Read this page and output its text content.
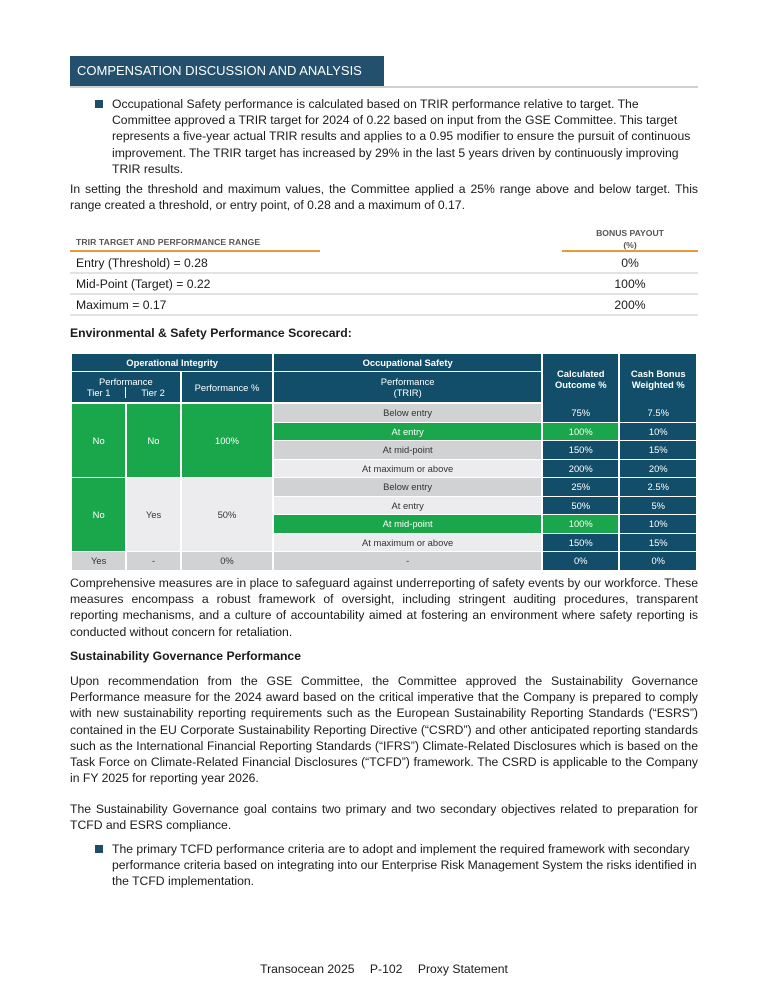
COMPENSATION DISCUSSION AND ANALYSIS
Occupational Safety performance is calculated based on TRIR performance relative to target. The Committee approved a TRIR target for 2024 of 0.22 based on input from the GSE Committee. This target represents a five-year actual TRIR results and applies to a 0.95 modifier to ensure the pursuit of continuous improvement. The TRIR target has increased by 29% in the last 5 years driven by continuously improving TRIR results.
In setting the threshold and maximum values, the Committee applied a 25% range above and below target. This range created a threshold, or entry point, of 0.28 and a maximum of 0.17.
TRIR TARGET AND PERFORMANCE RANGE
BONUS PAYOUT
(%)
Entry (Threshold) = 0.28	0%
Mid-Point (Target) = 0.22	100%
Maximum = 0.17	200%
Environmental & Safety Performance Scorecard:
Operational Integrity			Occupational Safety	Calculated Outcome %	Cash Bonus Weighted %

Performance
Tier 1	Tier 2	Performance %	Performance
(TRIR)

No	No	100%	Below entry	75%	7.5%
			At entry	100%	10%
			At mid-point	150%	15%
			At maximum or above	200%	20%
No	Yes	50%	Below entry	25%	2.5%
			At entry	50%	5%
			At mid-point	100%	10%
			At maximum or above	150%	15%
Yes	-	0%	-	0%	0%
Comprehensive measures are in place to safeguard against underreporting of safety events by our workforce. These measures encompass a robust framework of oversight, including stringent auditing procedures, transparent reporting mechanisms, and a culture of accountability aimed at fostering an environment where safety reporting is conducted without concern for retaliation.
Sustainability Governance Performance
Upon recommendation from the GSE Committee, the Committee approved the Sustainability Governance Performance measure for the 2024 award based on the critical imperative that the Company is prepared to comply with new sustainability reporting requirements such as the European Sustainability Reporting Standards (“ESRS”) contained in the EU Corporate Sustainability Reporting Directive (“CSRD”) and other anticipated reporting standards such as the International Financial Reporting Standards (“IFRS”) Climate-Related Disclosures which is based on the Task Force on Climate-Related Financial Disclosures (“TCFD”) framework. The CSRD is applicable to the Company in FY 2025 for reporting year 2026.
The Sustainability Governance goal contains two primary and two secondary objectives related to preparation for TCFD and ESRS compliance.
The primary TCFD performance criteria are to adopt and implement the required framework with secondary performance criteria based on integrating into our Enterprise Risk Management System the risks identified in the TCFD implementation.
Transocean 2025 P-102 Proxy Statement
